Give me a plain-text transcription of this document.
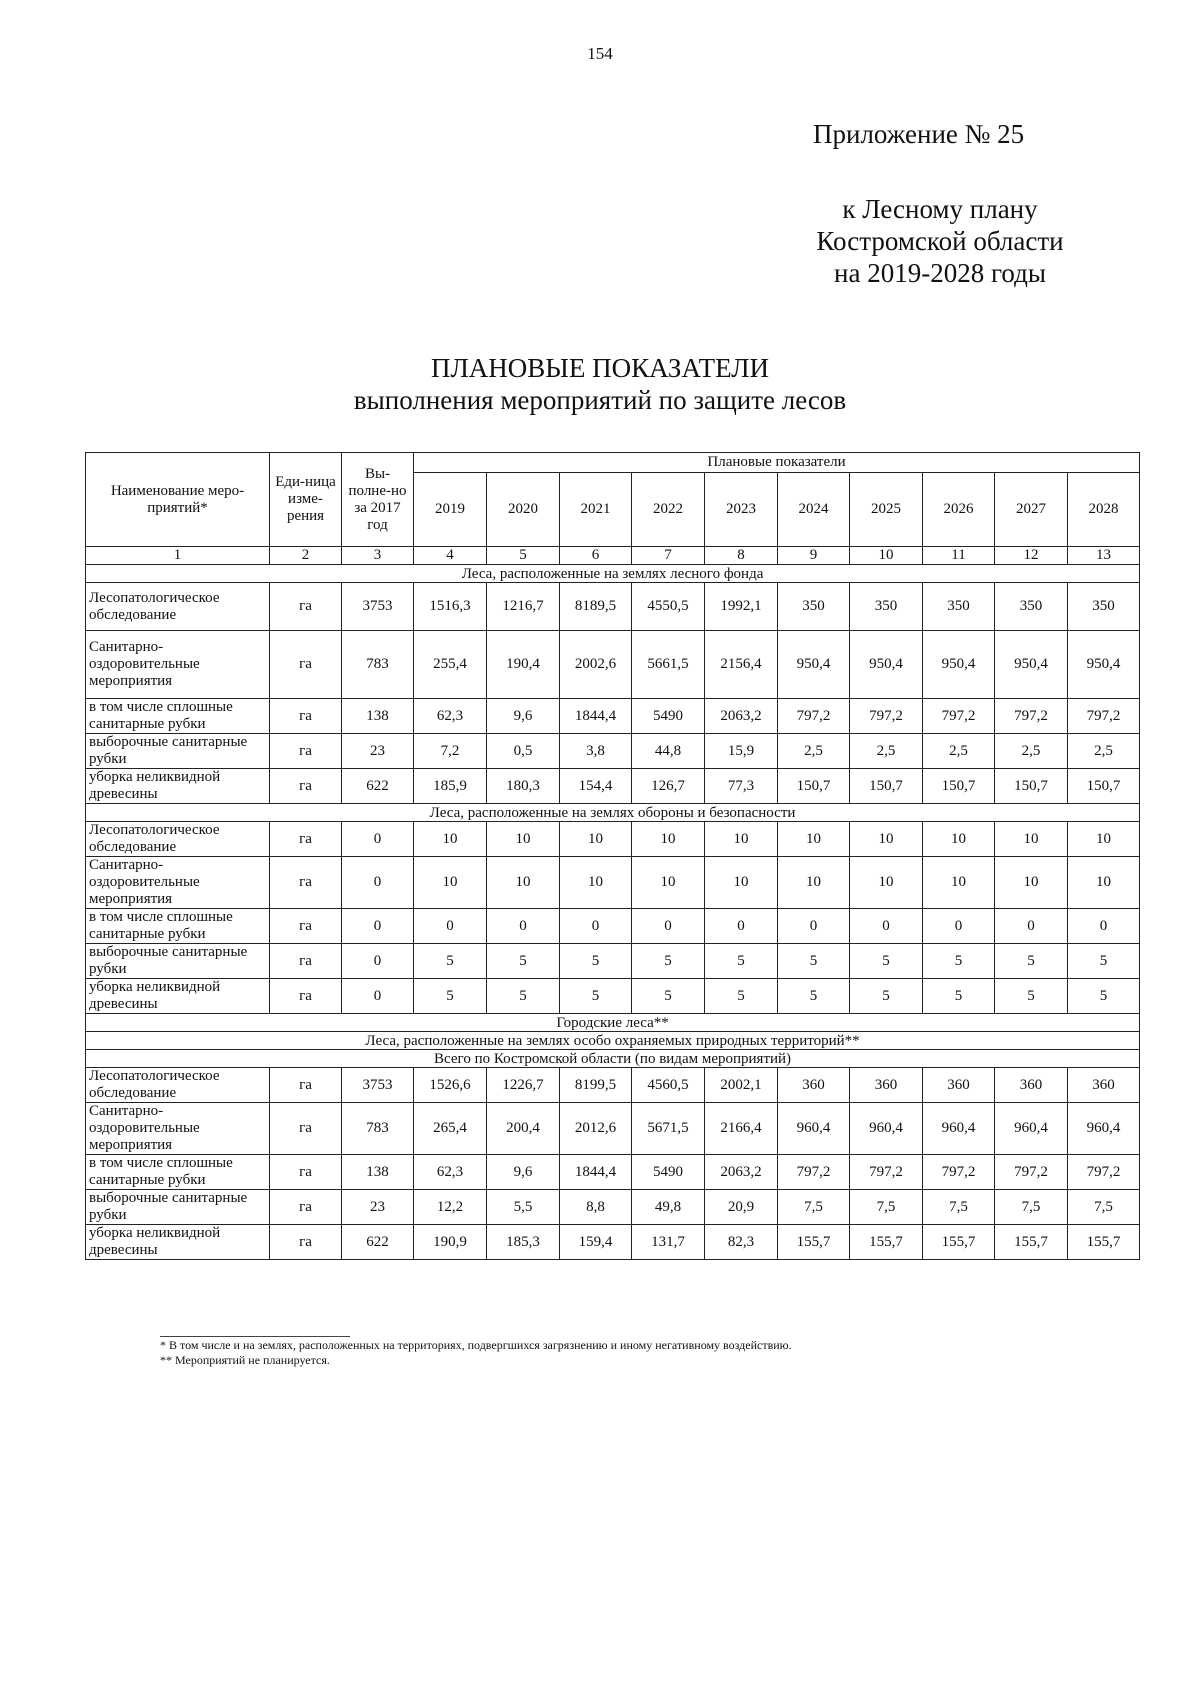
154
Приложение № 25
к Лесному плану
Костромской области
на 2019-2028 годы
ПЛАНОВЫЕ ПОКАЗАТЕЛИ
выполнения мероприятий по защите лесов
Наименование меро-приятий*	Еди-ница изме-рения	Вы-полне-но за 2017 год	Плановые показатели									
			2019	2020	2021	2022	2023	2024	2025	2026	2027	2028
1	2	3	4	5	6	7	8	9	10	11	12	13
Леса, расположенные на землях лесного фонда												
Лесопатологическое обследование	га	3753	1516,3	1216,7	8189,5	4550,5	1992,1	350	350	350	350	350
Санитарно-оздоровительные мероприятия	га	783	255,4	190,4	2002,6	5661,5	2156,4	950,4	950,4	950,4	950,4	950,4
в том числе сплошные санитарные рубки	га	138	62,3	9,6	1844,4	5490	2063,2	797,2	797,2	797,2	797,2	797,2
выборочные санитарные рубки	га	23	7,2	0,5	3,8	44,8	15,9	2,5	2,5	2,5	2,5	2,5
уборка неликвидной древесины	га	622	185,9	180,3	154,4	126,7	77,3	150,7	150,7	150,7	150,7	150,7
Леса, расположенные на землях обороны и безопасности												
Лесопатологическое обследование	га	0	10	10	10	10	10	10	10	10	10	10
Санитарно-оздоровительные мероприятия	га	0	10	10	10	10	10	10	10	10	10	10
в том числе сплошные санитарные рубки	га	0	0	0	0	0	0	0	0	0	0	0
выборочные санитарные рубки	га	0	5	5	5	5	5	5	5	5	5	5
уборка неликвидной древесины	га	0	5	5	5	5	5	5	5	5	5	5
Городские леса**												
Леса, расположенные на землях особо охраняемых природных территорий**												
Всего по Костромской области (по видам мероприятий)												
Лесопатологическое обследование	га	3753	1526,6	1226,7	8199,5	4560,5	2002,1	360	360	360	360	360
Санитарно-оздоровительные мероприятия	га	783	265,4	200,4	2012,6	5671,5	2166,4	960,4	960,4	960,4	960,4	960,4
в том числе сплошные санитарные рубки	га	138	62,3	9,6	1844,4	5490	2063,2	797,2	797,2	797,2	797,2	797,2
выборочные санитарные рубки	га	23	12,2	5,5	8,8	49,8	20,9	7,5	7,5	7,5	7,5	7,5
уборка неликвидной древесины	га	622	190,9	185,3	159,4	131,7	82,3	155,7	155,7	155,7	155,7	155,7
* В том числе и на землях, расположенных на территориях, подвергшихся загрязнению и иному негативному воздействию.
** Мероприятий не планируется.
